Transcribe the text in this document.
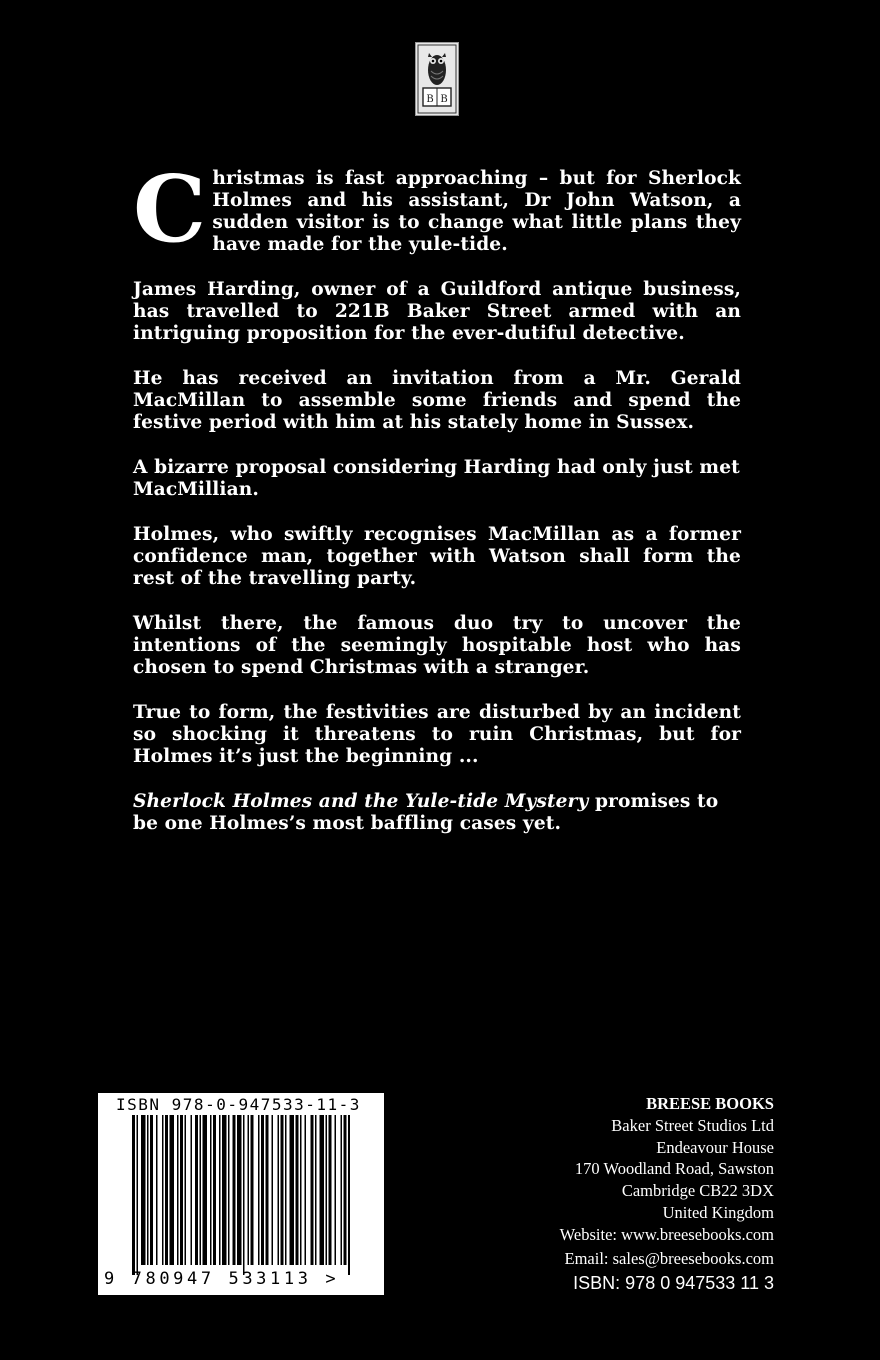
B B

Christmas is fast approaching – but for Sherlock Holmes and his assistant, Dr John Watson, a sudden visitor is to change what little plans they have made for the yule-tide.

James Harding, owner of a Guildford antique business, has travelled to 221B Baker Street armed with an intriguing proposition for the ever-dutiful detective.

He has received an invitation from a Mr. Gerald MacMillan to assemble some friends and spend the festive period with him at his stately home in Sussex.

A bizarre proposal considering Harding had only just met MacMillian.

Holmes, who swiftly recognises MacMillan as a former confidence man, together with Watson shall form the rest of the travelling party.

Whilst there, the famous duo try to uncover the intentions of the seemingly hospitable host who has chosen to spend Christmas with a stranger.

True to form, the festivities are disturbed by an incident so shocking it threatens to ruin Christmas, but for Holmes it’s just the beginning ...

Sherlock Holmes and the Yule-tide Mystery promises to be one Holmes’s most baffling cases yet.

ISBN 978-0-947533-11-3
9 780947 533113 >
BREESE BOOKS
Baker Street Studios Ltd
Endeavour House
170 Woodland Road, Sawston
Cambridge CB22 3DX
United Kingdom
Website: www.breesebooks.com
Email: sales@breesebooks.com
ISBN: 978 0 947533 11 3
